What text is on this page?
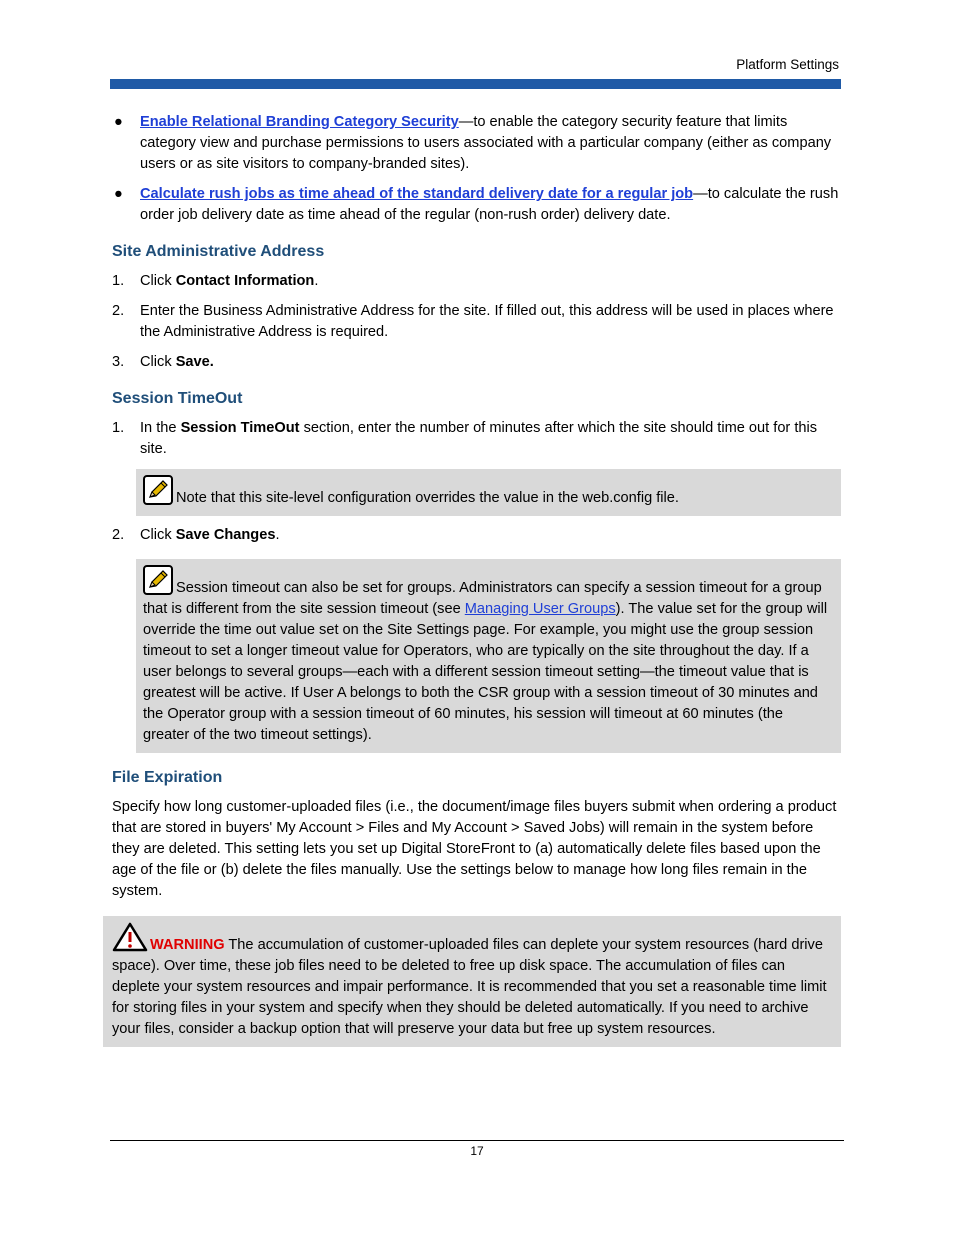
Platform Settings
● Enable Relational Branding Category Security—to enable the category security feature that limits category view and purchase permissions to users associated with a particular company (either as company users or as site visitors to company-branded sites).
● Calculate rush jobs as time ahead of the standard delivery date for a regular job—to calculate the rush order job delivery date as time ahead of the regular (non-rush order) delivery date.
Site Administrative Address
1. Click Contact Information.
2. Enter the Business Administrative Address for the site. If filled out, this address will be used in places where the Administrative Address is required.
3. Click Save.
Session TimeOut
1. In the Session TimeOut section, enter the number of minutes after which the site should time out for this site.
Note that this site-level configuration overrides the value in the web.config file.
2. Click Save Changes.
Session timeout can also be set for groups. Administrators can specify a session timeout for a group that is different from the site session timeout (see Managing User Groups). The value set for the group will override the time out value set on the Site Settings page. For example, you might use the group session timeout to set a longer timeout value for Operators, who are typically on the site throughout the day. If a user belongs to several groups—each with a different session timeout setting—the timeout value that is greatest will be active. If User A belongs to both the CSR group with a session timeout of 30 minutes and the Operator group with a session timeout of 60 minutes, his session will timeout at 60 minutes (the greater of the two timeout settings).
File Expiration

Specify how long customer-uploaded files (i.e., the document/image files buyers submit when ordering a product that are stored in buyers' My Account > Files and My Account > Saved Jobs) will remain in the system before they are deleted. This setting lets you set up Digital StoreFront to (a) automatically delete files based upon the age of the file or (b) delete the files manually. Use the settings below to manage how long files remain in the system.

WARNIING The accumulation of customer-uploaded files can deplete your system resources (hard drive space). Over time, these job files need to be deleted to free up disk space. The accumulation of files can deplete your system resources and impair performance. It is recommended that you set a reasonable time limit for storing files in your system and specify when they should be deleted automatically. If you need to archive your files, consider a backup option that will preserve your data but free up system resources.
17
